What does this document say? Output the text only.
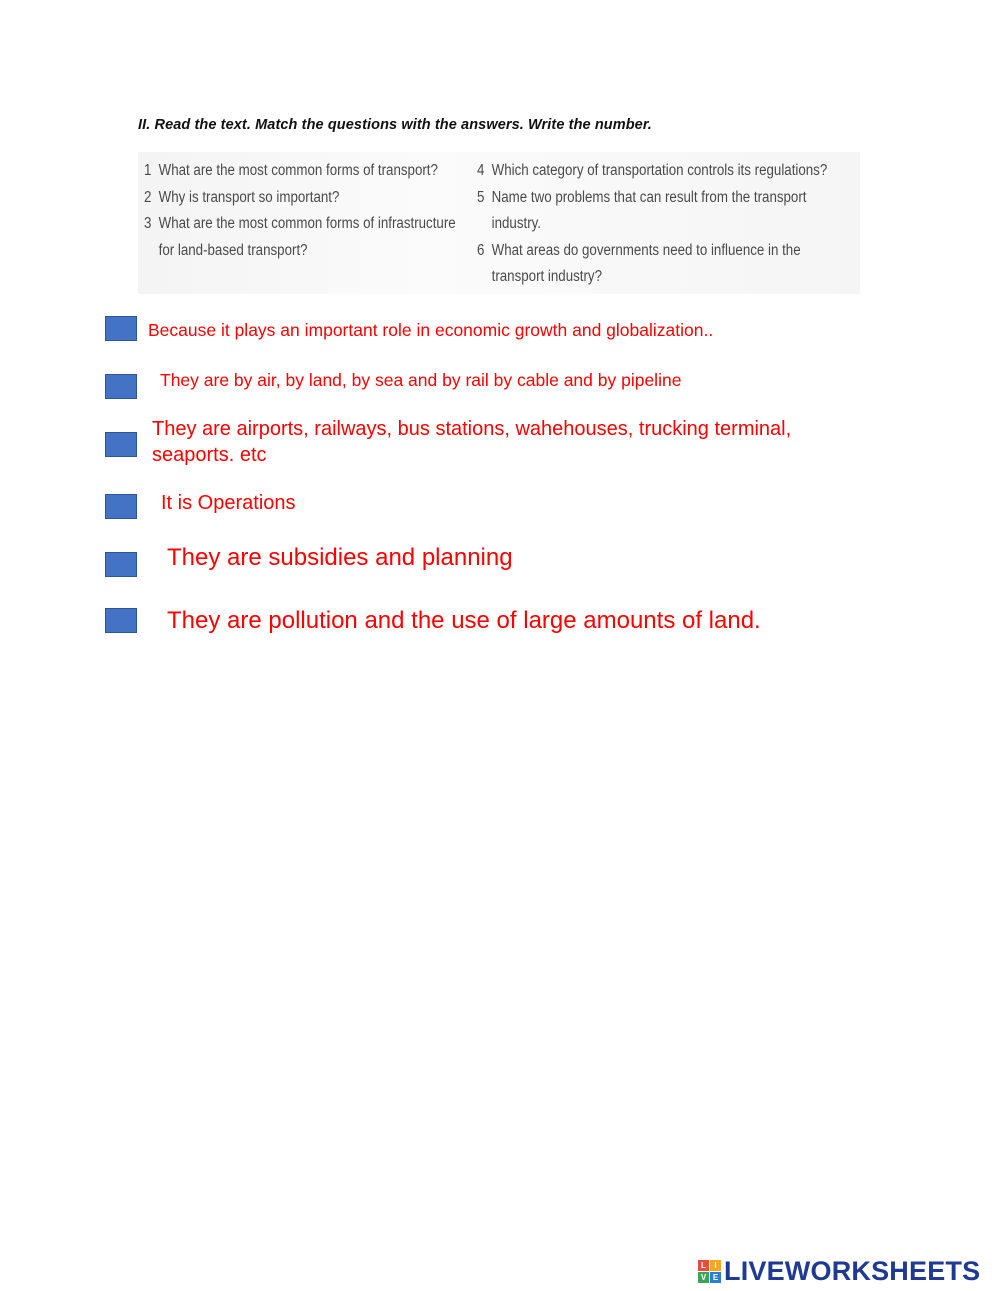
II. Read the text. Match the questions with the answers. Write the number.

1 What are the most common forms of transport?
2 Why is transport so important?
3 What are the most common forms of infrastructure for land-based transport?
4 Which category of transportation controls its regulations?
5 Name two problems that can result from the transport industry.
6 What areas do governments need to influence in the transport industry?
Because it plays an important role in economic growth and globalization..
They are by air, by land, by sea and by rail by cable and by pipeline
They are airports, railways, bus stations, wahehouses, trucking terminal, seaports. etc
It is Operations
They are subsidies and planning
They are pollution and the use of large amounts of land.
L	I
V E LIVEWORKSHEETS
